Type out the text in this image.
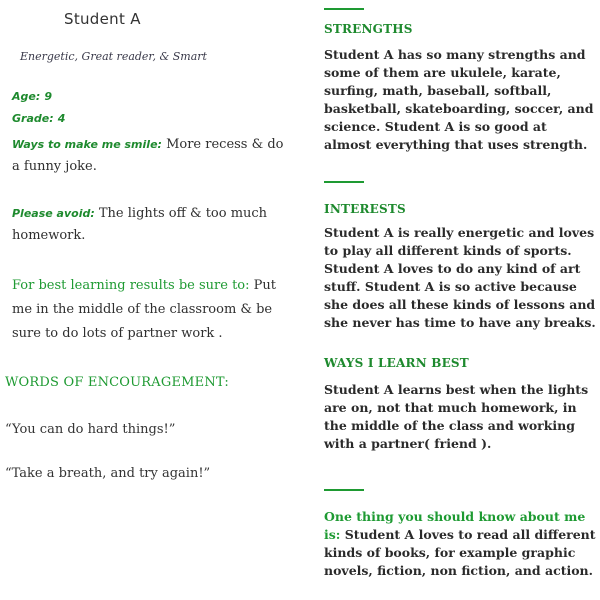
Student A
Energetic, Great reader, & Smart
Age: 9
Grade: 4
Ways to make me smile: More recess & do a funny joke.
Please avoid: The lights off & too much homework.
For best learning results be sure to: Put me in the middle of the classroom & be sure to do lots of partner work .
WORDS OF ENCOURAGEMENT:
“You can do hard things!”
“Take a breath, and try again!”
STRENGTHS
Student A has so many strengths and some of them are ukulele, karate, surfing, math, baseball, softball, basketball, skateboarding, soccer, and science. Student A is so good at almost everything that uses strength.
INTERESTS
Student A is really energetic and loves to play all different kinds of sports. Student A loves to do any kind of art stuff. Student A is so active because she does all these kinds of lessons and she never has time to have any breaks.
WAYS I LEARN BEST
Student A learns best when the lights are on, not that much homework, in the middle of the class and working with a partner( friend ).
One thing you should know about me is: Student A loves to read all different kinds of books, for example graphic novels, fiction, non fiction, and action.
